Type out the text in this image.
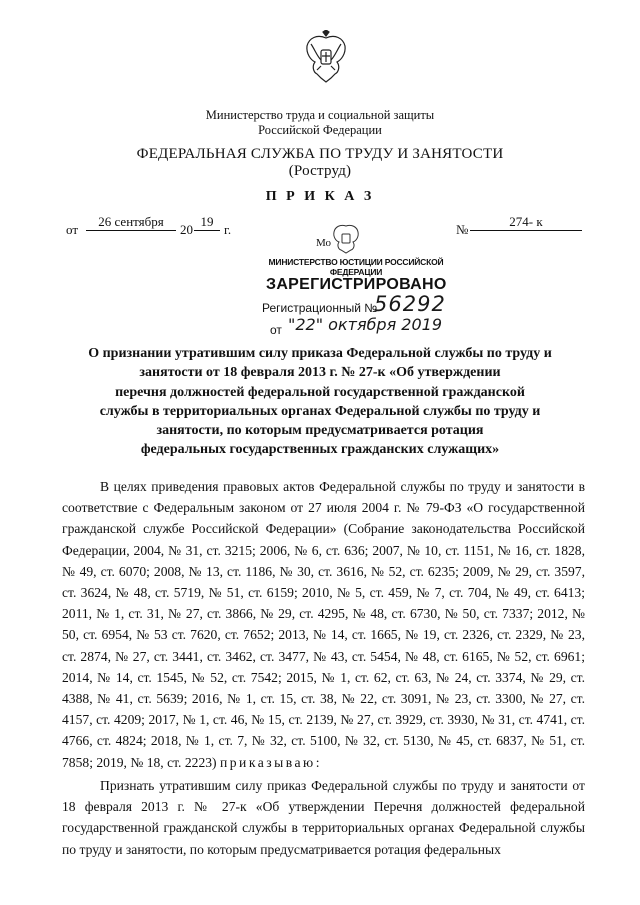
Министерство труда и социальной защиты
Российской Федерации
ФЕДЕРАЛЬНАЯ СЛУЖБА ПО ТРУДУ И ЗАНЯТОСТИ
(Роструд)
П Р И К А З
от
26 сентября
20
19
г.	№
274- к
Мо
МИНИСТЕРСТВО ЮСТИЦИИ РОССИЙСКОЙ ФЕДЕРАЦИИ
ЗАРЕГИСТРИРОВАНО
Регистрационный №
56292
от "22" октября 2019
О признании утратившим силу приказа Федеральной службы по труду и
занятости от 18 февраля 2013 г. № 27-к «Об утверждении
перечня должностей федеральной государственной гражданской
службы в территориальных органах Федеральной службы по труду и
занятости, по которым предусматривается ротация
федеральных государственных гражданских служащих»

В целях приведения правовых актов Федеральной службы по труду и занятости в соответствие с Федеральным законом от 27 июля 2004 г. № 79-ФЗ «О государственной гражданской службе Российской Федерации» (Собрание законодательства Российской Федерации, 2004, № 31, ст. 3215; 2006, № 6, ст. 636; 2007, № 10, ст. 1151, № 16, ст. 1828, № 49, ст. 6070; 2008, № 13, ст. 1186, № 30, ст. 3616, № 52, ст. 6235; 2009, № 29, ст. 3597, ст. 3624, № 48, ст. 5719, № 51, ст. 6159; 2010, № 5, ст. 459, № 7, ст. 704, № 49, ст. 6413; 2011, № 1, ст. 31, № 27, ст. 3866, № 29, ст. 4295, № 48, ст. 6730, № 50, ст. 7337; 2012, № 50, ст. 6954, № 53 ст. 7620, ст. 7652; 2013, № 14, ст. 1665, № 19, ст. 2326, ст. 2329, № 23, ст. 2874, № 27, ст. 3441, ст. 3462, ст. 3477, № 43, ст. 5454, № 48, ст. 6165, № 52, ст. 6961; 2014, № 14, ст. 1545, № 52, ст. 7542; 2015, № 1, ст. 62, ст. 63, № 24, ст. 3374, № 29, ст. 4388, № 41, ст. 5639; 2016, № 1, ст. 15, ст. 38, № 22, ст. 3091, № 23, ст. 3300, № 27, ст. 4157, ст. 4209; 2017, № 1, ст. 46, № 15, ст. 2139, № 27, ст. 3929, ст. 3930, № 31, ст. 4741, ст. 4766, ст. 4824; 2018, № 1, ст. 7, № 32, ст. 5100, № 32, ст. 5130, № 45, ст. 6837, № 51, ст. 7858; 2019, № 18, ст. 2223) приказываю:

Признать утратившим силу приказ Федеральной службы по труду и занятости от 18 февраля 2013 г. № 27-к «Об утверждении Перечня должностей федеральной государственной гражданской службы в территориальных органах Федеральной службы по труду и занятости, по которым предусматривается ротация федеральных
